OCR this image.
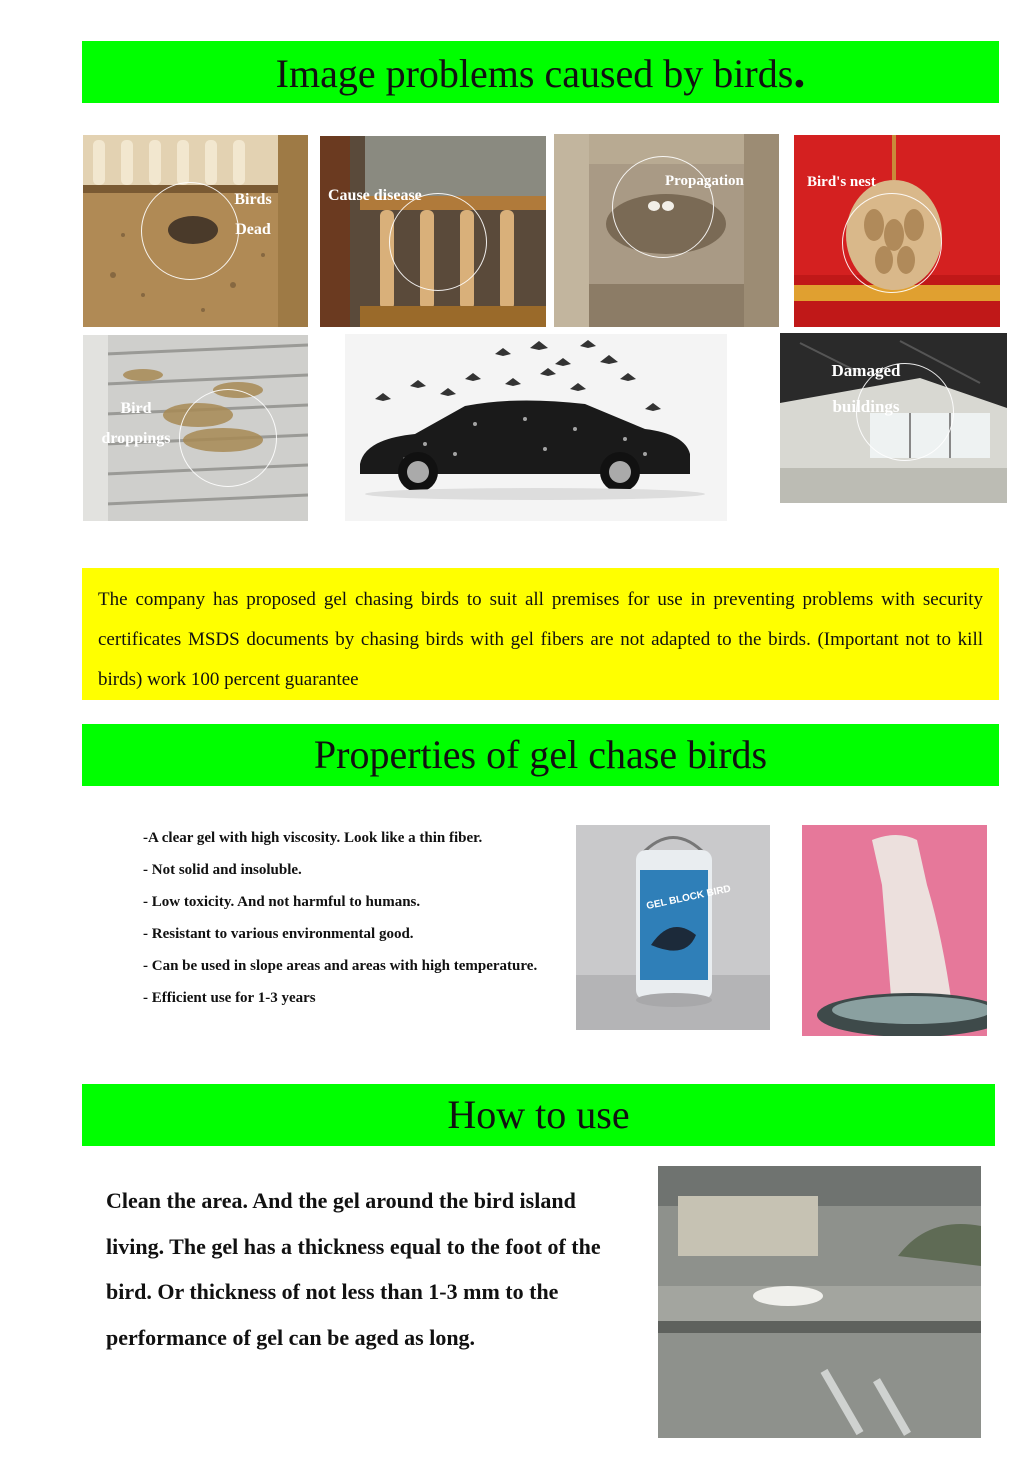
Image problems caused by birds.
Birds
Dead
Cause disease
Propagation	Bird's nest
Bird
droppings
Damaged
buildings
The company has proposed gel chasing birds to suit all premises for use in preventing problems with security certificates MSDS documents by chasing birds with gel fibers are not adapted to the birds. (Important not to kill birds) work 100 percent guarantee
Properties of gel chase birds
-A clear gel with high viscosity. Look like a thin fiber.
- Not solid and insoluble.
- Low toxicity. And not harmful to humans.
- Resistant to various environmental good.
- Can be used in slope areas and areas with high temperature.
- Efficient use for 1-3 years
GEL BLOCK BIRD
How to use
Clean the area. And the gel around the bird island living. The gel has a thickness equal to the foot of the bird. Or thickness of not less than 1-3 mm to the performance of gel can be aged as long.
